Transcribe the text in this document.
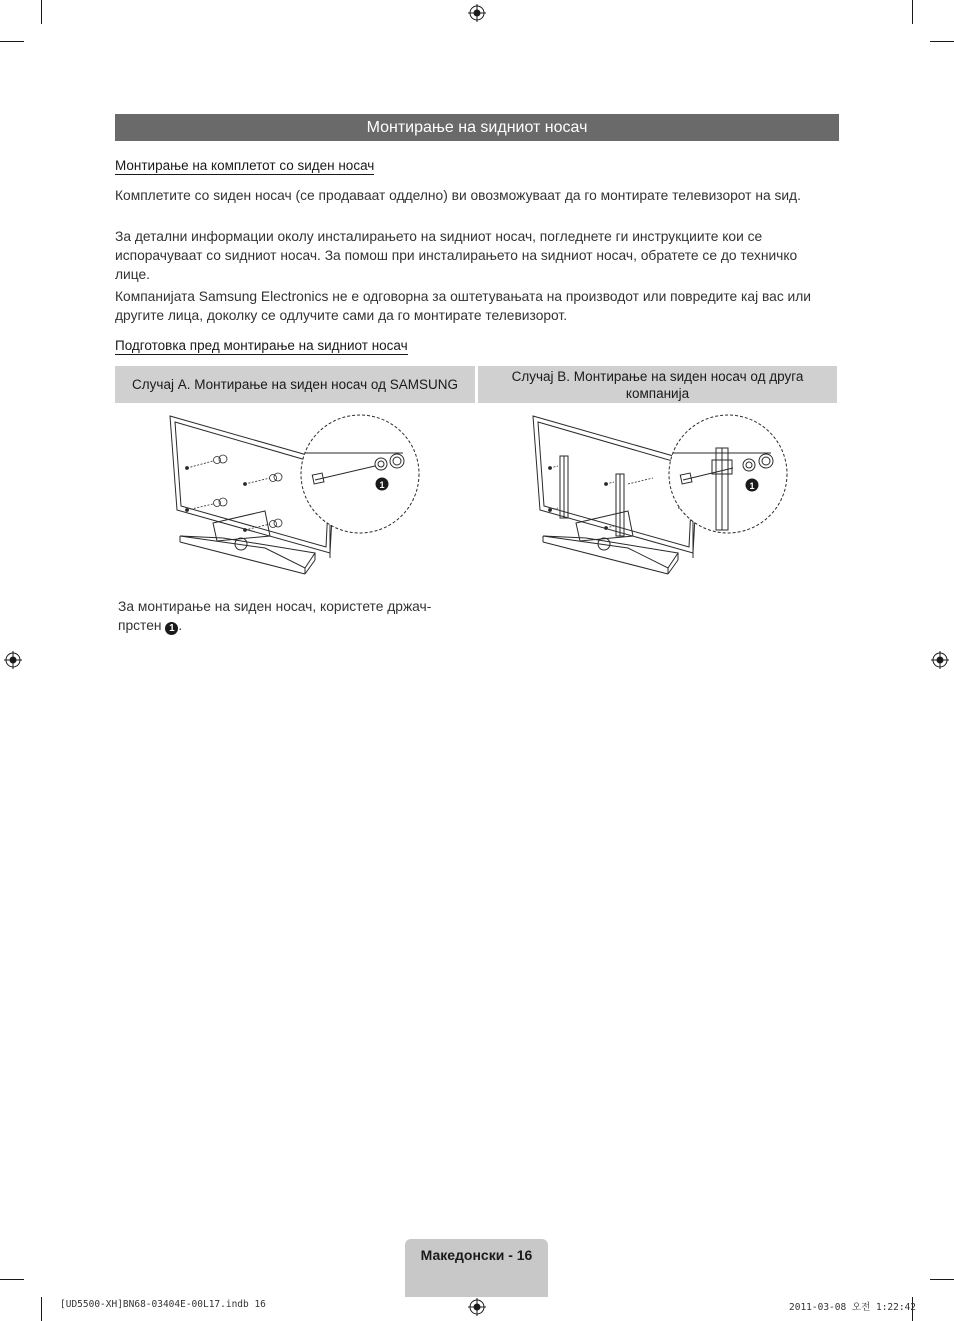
Монтирање на ѕидниот носач
Монтирање на комплетот со ѕиден носач

Комплетите со ѕиден носач (се продаваат одделно) ви овозможуваат да го монтирате телевизорот на ѕид.

За детални информации околу инсталирањето на ѕидниот носач, погледнете ги инструкциите кои се испорачуваат со ѕидниот носач. За помош при инсталирањето на ѕидниот носач, обратете се до техничко лице.

Компанијата Samsung Electronics не е одговорна за оштетувањата на производот или повредите кај вас или другите лица, доколку се одлучите сами да го монтирате телевизорот.

Подготовка пред монтирање на ѕидниот носач
Случај А. Монтирање на ѕиден носач од SAMSUNG
Случај В. Монтирање на ѕиден носач од друга компанија
1	1
За монтирање на ѕиден носач, користете држач-прстен 1 .
Македонски - 16
[UD5500-XH]BN68-03404E-00L17.indb 16	2011-03-08 오전 1:22:42
